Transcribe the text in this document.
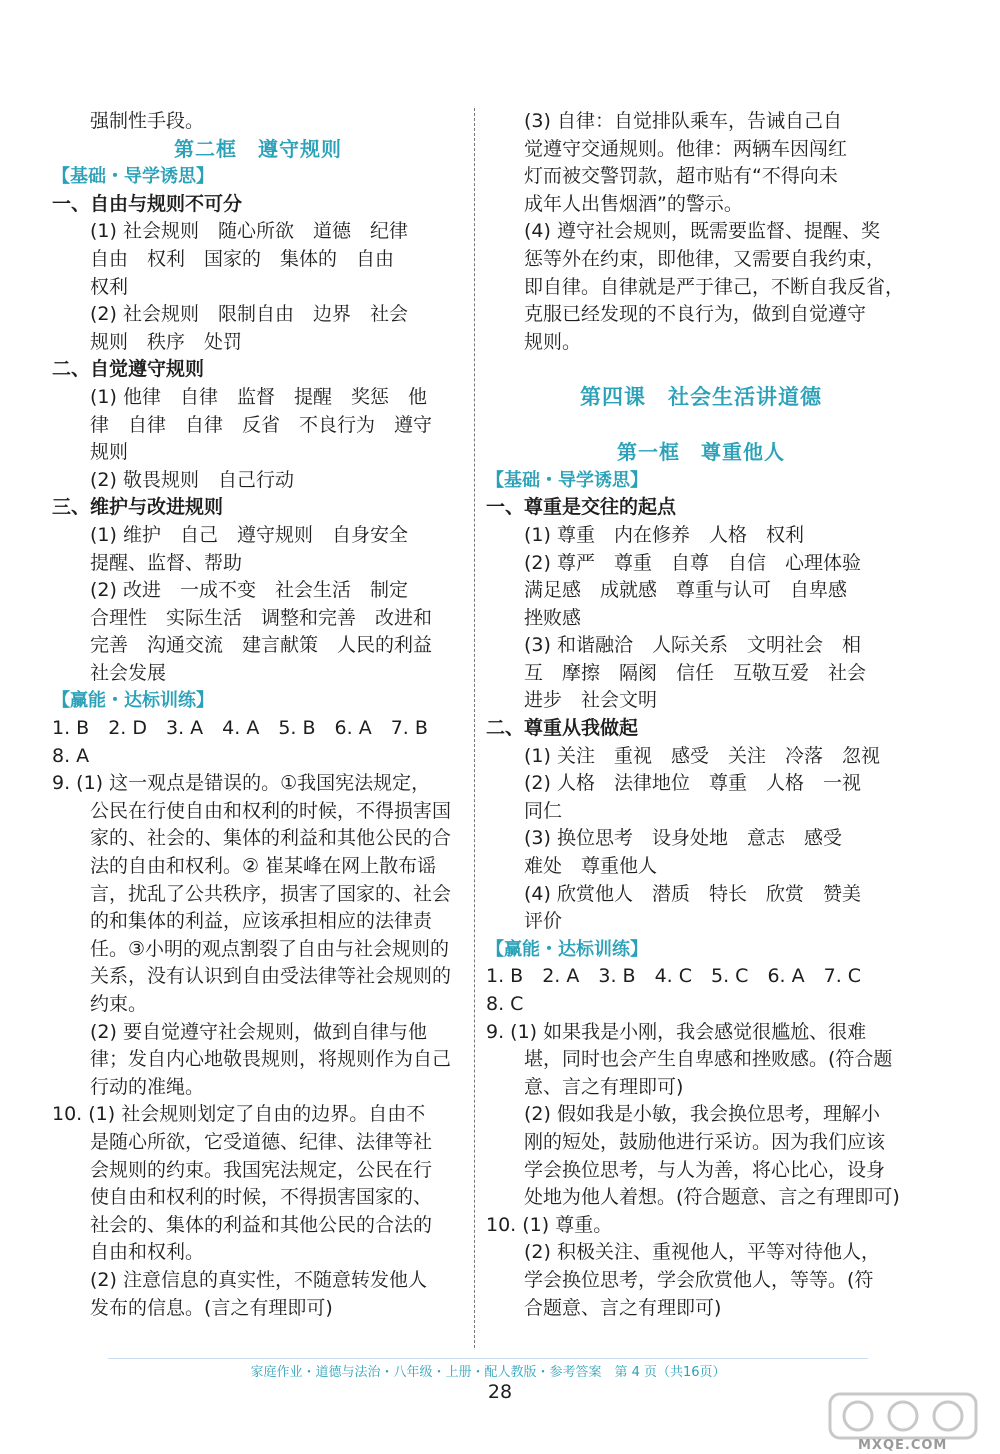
强制性手段。
第二框　遵守规则
【基础・导学诱思】
一、自由与规则不可分
(1) 社会规则　随心所欲　道德　纪律
自由　权利　国家的　集体的　自由
权利
(2) 社会规则　限制自由　边界　社会
规则　秩序　处罚
二、自觉遵守规则
(1) 他律　自律　监督　提醒　奖惩　他
律　自律　自律　反省　不良行为　遵守
规则
(2) 敬畏规则　自己行动
三、维护与改进规则
(1) 维护　自己　遵守规则　自身安全
提醒、监督、帮助
(2) 改进　一成不变　社会生活　制定
合理性　实际生活　调整和完善　改进和
完善　沟通交流　建言献策　人民的利益
社会发展
【赢能・达标训练】
1. B　2. D　3. A　4. A　5. B　6. A　7. B
8. A
9. (1) 这一观点是错误的。①我国宪法规定，
公民在行使自由和权利的时候，不得损害国
家的、社会的、集体的利益和其他公民的合
法的自由和权利。② 崔某峰在网上散布谣
言，扰乱了公共秩序，损害了国家的、社会
的和集体的利益，应该承担相应的法律责
任。③小明的观点割裂了自由与社会规则的
关系，没有认识到自由受法律等社会规则的
约束。
(2) 要自觉遵守社会规则，做到自律与他
律；发自内心地敬畏规则，将规则作为自己
行动的准绳。
10. (1) 社会规则划定了自由的边界。自由不
是随心所欲，它受道德、纪律、法律等社
会规则的约束。我国宪法规定，公民在行
使自由和权利的时候，不得损害国家的、
社会的、集体的利益和其他公民的合法的
自由和权利。
(2) 注意信息的真实性，不随意转发他人
发布的信息。(言之有理即可)
(3) 自律：自觉排队乘车，告诫自己自
觉遵守交通规则。他律：两辆车因闯红
灯而被交警罚款，超市贴有“不得向未
成年人出售烟酒”的警示。
(4) 遵守社会规则，既需要监督、提醒、奖
惩等外在约束，即他律，又需要自我约束，
即自律。自律就是严于律己，不断自我反省，
克服已经发现的不良行为，做到自觉遵守
规则。
第四课　社会生活讲道德
第一框　尊重他人
【基础・导学诱思】
一、尊重是交往的起点
(1) 尊重　内在修养　人格　权利
(2) 尊严　尊重　自尊　自信　心理体验
满足感　成就感　尊重与认可　自卑感
挫败感
(3) 和谐融洽　人际关系　文明社会　相
互　摩擦　隔阂　信任　互敬互爱　社会
进步　社会文明
二、尊重从我做起
(1) 关注　重视　感受　关注　冷落　忽视
(2) 人格　法律地位　尊重　人格　一视
同仁
(3) 换位思考　设身处地　意志　感受
难处　尊重他人
(4) 欣赏他人　潜质　特长　欣赏　赞美
评价
【赢能・达标训练】
1. B　2. A　3. B　4. C　5. C　6. A　7. C
8. C
9. (1) 如果我是小刚，我会感觉很尴尬、很难
堪，同时也会产生自卑感和挫败感。(符合题
意、言之有理即可)
(2) 假如我是小敏，我会换位思考，理解小
刚的短处，鼓励他进行采访。因为我们应该
学会换位思考，与人为善，将心比心，设身
处地为他人着想。(符合题意、言之有理即可)
10. (1) 尊重。
(2) 积极关注、重视他人，平等对待他人，
学会换位思考，学会欣赏他人，等等。(符
合题意、言之有理即可)
家庭作业・道德与法治・八年级・上册・配人教版・参考答案　第 4 页（共16页）
28
MXQE.COM
